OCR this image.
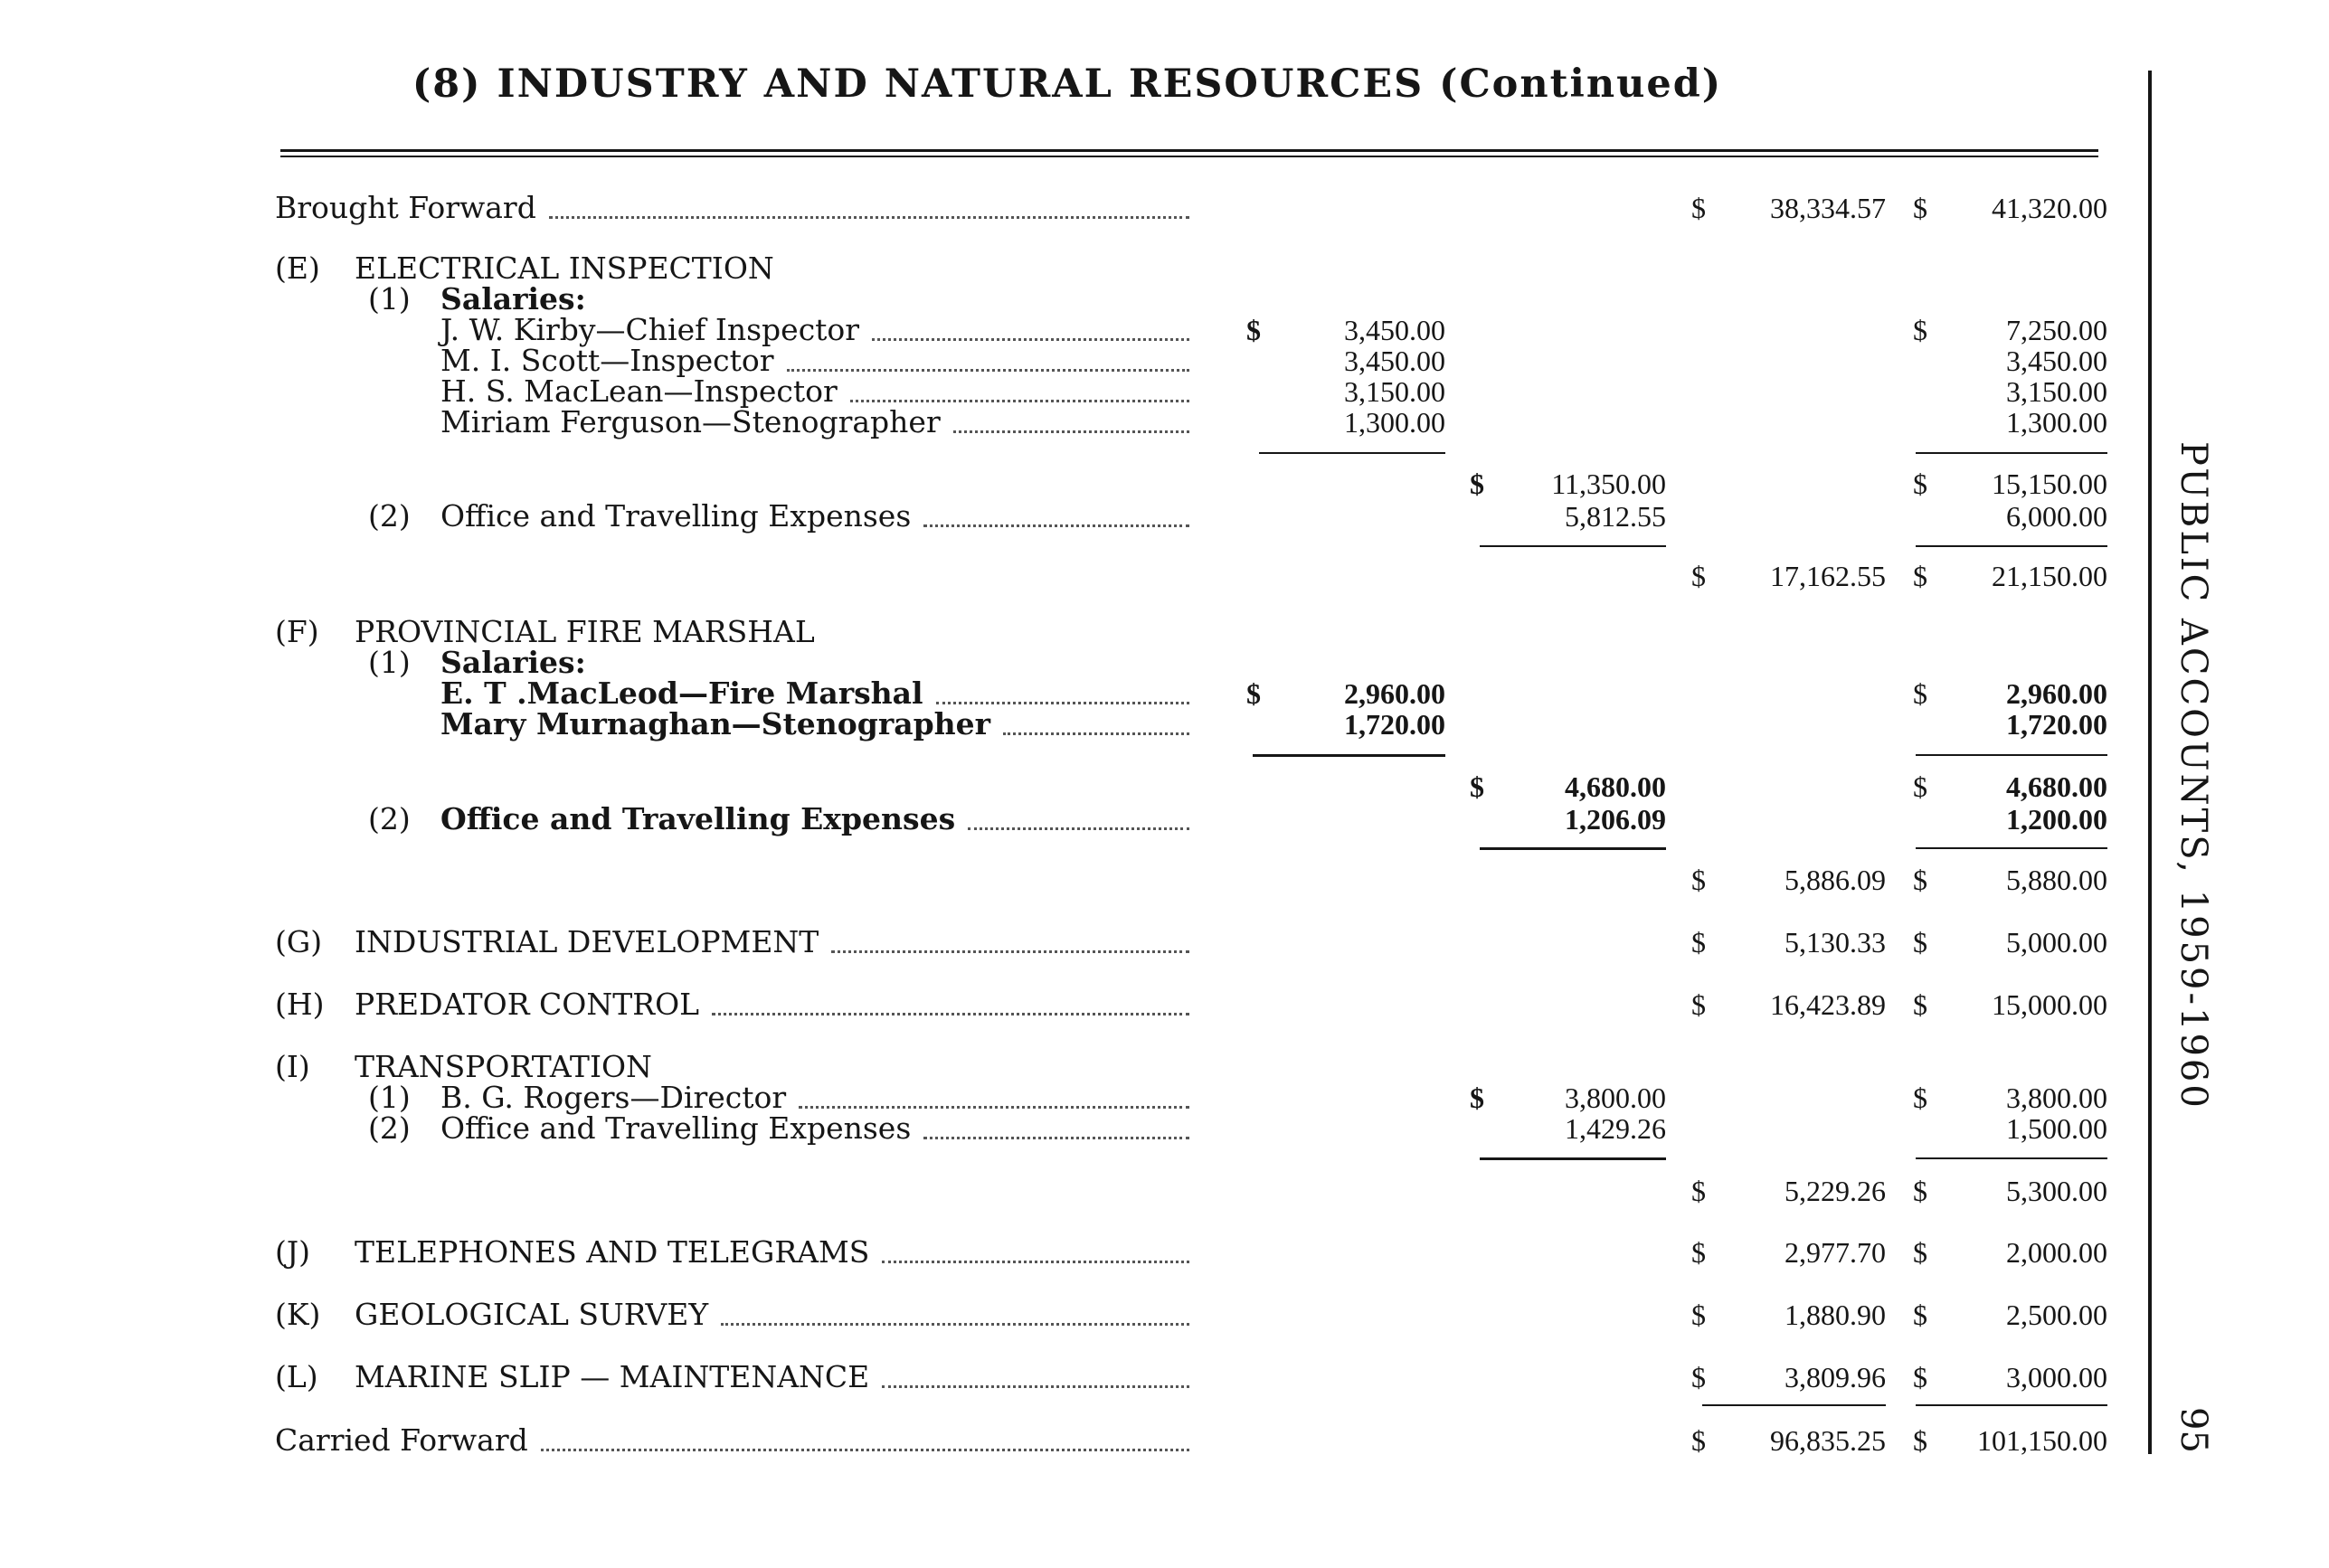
(8) INDUSTRY AND NATURAL RESOURCES (Continued)
PUBLIC ACCOUNTS, 1959-1960
95
Brought Forward	$	38,334.57 $	41,320.00
(E) ELECTRICAL INSPECTION
(1) Salaries:
J. W. Kirby—Chief Inspector	$	3,450.00	$	7,250.00
M. I. Scott—Inspector	3,450.00	3,450.00
H. S. MacLean—Inspector	3,150.00	3,150.00
Miriam Ferguson—Stenographer	1,300.00	1,300.00
$	11,350.00	$	15,150.00
(2) Office and Travelling Expenses	5,812.55	6,000.00
$	17,162.55 $	21,150.00
(F) PROVINCIAL FIRE MARSHAL
(1) Salaries:
E. T .MacLeod—Fire Marshal	$	2,960.00	$	2,960.00
Mary Murnaghan—Stenographer	1,720.00	1,720.00
$	4,680.00	$	4,680.00
(2) Office and Travelling Expenses	1,206.09	1,200.00
$	5,886.09 $	5,880.00
(G) INDUSTRIAL DEVELOPMENT	$	5,130.33 $	5,000.00
(H) PREDATOR CONTROL	$	16,423.89 $	15,000.00
(I) TRANSPORTATION
(1) B. G. Rogers—Director	$	3,800.00	$	3,800.00
(2) Office and Travelling Expenses	1,429.26	1,500.00
$	5,229.26 $	5,300.00
(J) TELEPHONES AND TELEGRAMS	$	2,977.70 $	2,000.00
(K) GEOLOGICAL SURVEY	$	1,880.90 $	2,500.00
(L) MARINE SLIP — MAINTENANCE	$	3,809.96 $	3,000.00
Carried Forward	$	96,835.25 $	101,150.00
